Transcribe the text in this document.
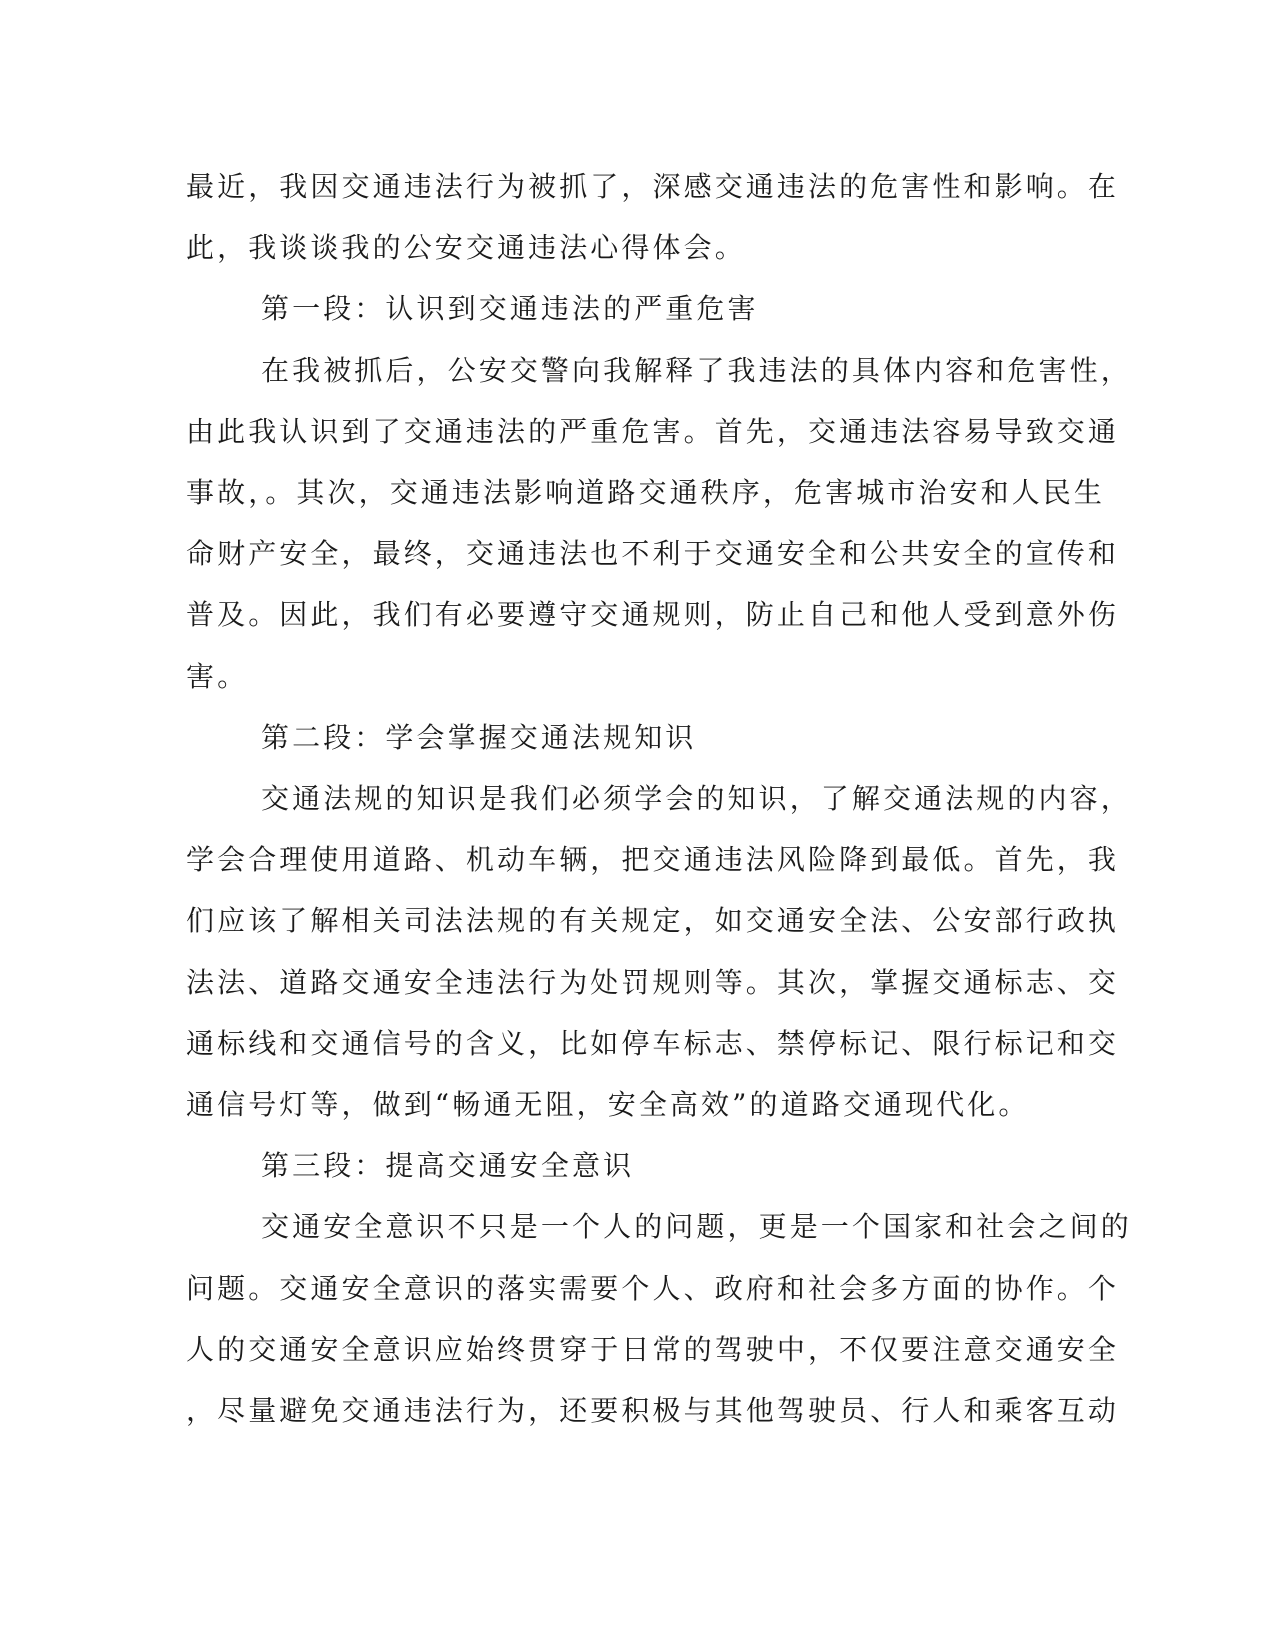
最近，我因交通违法行为被抓了，深感交通违法的危害性和影响。在
此，我谈谈我的公安交通违法心得体会。

第一段：认识到交通违法的严重危害

在我被抓后，公安交警向我解释了我违法的具体内容和危害性，
由此我认识到了交通违法的严重危害。首先，交通违法容易导致交通
事故，。其次，交通违法影响道路交通秩序，危害城市治安和人民生
命财产安全，最终，交通违法也不利于交通安全和公共安全的宣传和
普及。因此，我们有必要遵守交通规则，防止自己和他人受到意外伤
害。

第二段：学会掌握交通法规知识

交通法规的知识是我们必须学会的知识，了解交通法规的内容，
学会合理使用道路、机动车辆，把交通违法风险降到最低。首先，我
们应该了解相关司法法规的有关规定，如交通安全法、公安部行政执
法法、道路交通安全违法行为处罚规则等。其次，掌握交通标志、交
通标线和交通信号的含义，比如停车标志、禁停标记、限行标记和交
通信号灯等，做到“畅通无阻，安全高效”的道路交通现代化。

第三段：提高交通安全意识

交通安全意识不只是一个人的问题，更是一个国家和社会之间的
问题。交通安全意识的落实需要个人、政府和社会多方面的协作。个
人的交通安全意识应始终贯穿于日常的驾驶中，不仅要注意交通安全
，尽量避免交通违法行为，还要积极与其他驾驶员、行人和乘客互动
